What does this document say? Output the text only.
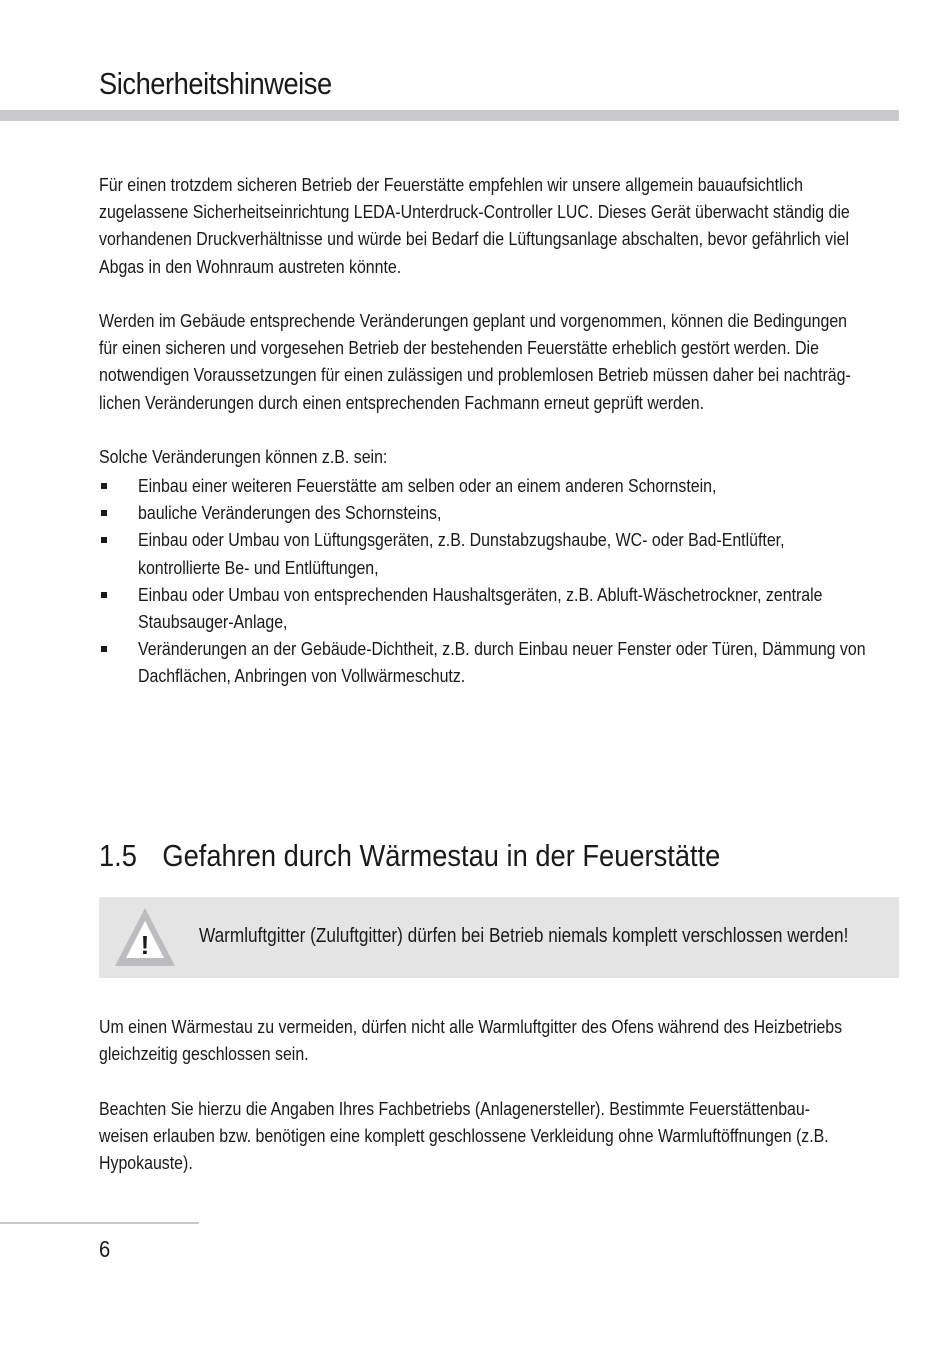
Sicherheitshinweise

Für einen trotzdem sicheren Betrieb der Feuerstätte empfehlen wir unsere allgemein bauaufsichtlich
zugelassene Sicherheitseinrichtung LEDA-Unterdruck-Controller LUC. Dieses Gerät überwacht ständig die
vorhandenen Druckverhältnisse und würde bei Bedarf die Lüftungsanlage abschalten, bevor gefährlich viel
Abgas in den Wohnraum austreten könnte.

Werden im Gebäude entsprechende Veränderungen geplant und vorgenommen, können die Bedingungen
für einen sicheren und vorgesehen Betrieb der bestehenden Feuerstätte erheblich gestört werden. Die
notwendigen Voraussetzungen für einen zulässigen und problemlosen Betrieb müssen daher bei nachträg-
lichen Veränderungen durch einen entsprechenden Fachmann erneut geprüft werden.

Solche Veränderungen können z.B. sein:

Einbau einer weiteren Feuerstätte am selben oder an einem anderen Schornstein,
bauliche Veränderungen des Schornsteins,
Einbau oder Umbau von Lüftungsgeräten, z.B. Dunstabzugshaube, WC- oder Bad-Entlüfter,
kontrollierte Be- und Entlüftungen,
Einbau oder Umbau von entsprechenden Haushaltsgeräten, z.B. Abluft-Wäschetrockner, zentrale
Staubsauger-Anlage,
Veränderungen an der Gebäude-Dichtheit, z.B. durch Einbau neuer Fenster oder Türen, Dämmung von
Dachflächen, Anbringen von Vollwärmeschutz.
1.5 Gefahren durch Wärmestau in der Feuerstätte
! Warmluftgitter (Zuluftgitter) dürfen bei Betrieb niemals komplett verschlossen werden!

Um einen Wärmestau zu vermeiden, dürfen nicht alle Warmluftgitter des Ofens während des Heizbetriebs
gleichzeitig geschlossen sein.

Beachten Sie hierzu die Angaben Ihres Fachbetriebs (Anlagenersteller). Bestimmte Feuerstättenbau-
weisen erlauben bzw. benötigen eine komplett geschlossene Verkleidung ohne Warmluftöffnungen (z.B.
Hypokauste).

6
